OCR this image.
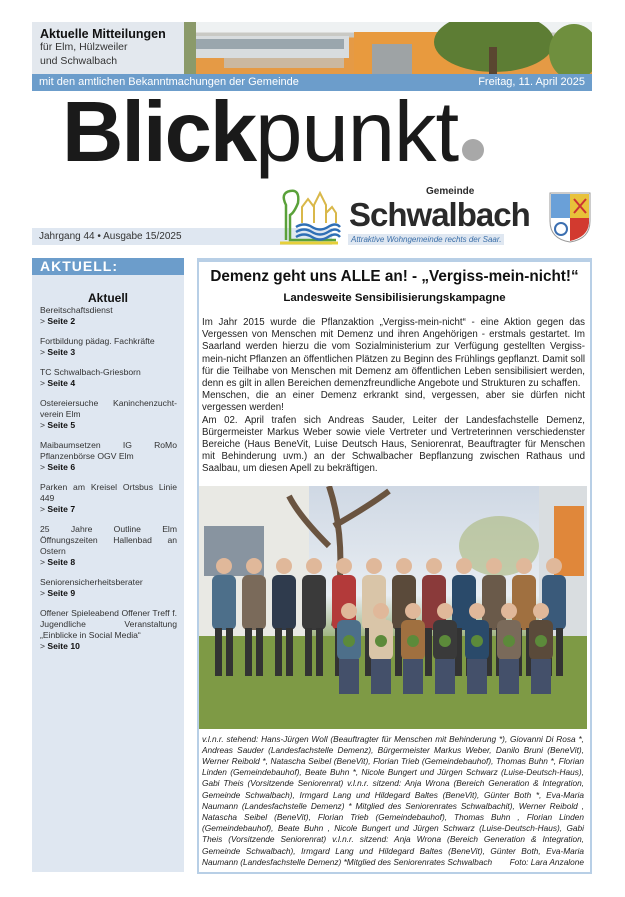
Aktuelle Mitteilungen
für Elm, Hülzweiler
und Schwalbach
mit den amtlichen Bekanntmachungen der Gemeinde	Freitag, 11. April 2025
Blickpunkt
Jahrgang 44 • Ausgabe 15/2025
Gemeinde
Schwalbach
Attraktive Wohngemeinde rechts der Saar.
AKTUELL:
Aktuell
Bereitschaftsdienst
> Seite 2
Fortbildung pädag. Fachkräfte
> Seite 3
TC Schwalbach-Griesborn
> Seite 4
Ostereiersuche Kaninchenzucht-verein Elm
> Seite 5
Maibaumsetzen IG RoMo Pflanzenbörse OGV Elm
> Seite 6
Parken am Kreisel Ortsbus Linie 449
> Seite 7
25 Jahre Outline Elm Öffnungszeiten Hallenbad an Ostern
> Seite 8
Seniorensicherheitsberater
> Seite 9
Offener Spieleabend Offener Treff f. Jugendliche Veranstaltung „Einblicke in Social Media“
> Seite 10
Demenz geht uns ALLE an! - „Vergiss-mein-nicht!“
Landesweite Sensibilisierungskampagne

Im Jahr 2015 wurde die Pflanzaktion „Vergiss-mein-nicht“ - eine Aktion gegen das Vergessen von Menschen mit Demenz und ihren Angehörigen - erstmals gestartet. Im Saarland werden hierzu die vom Sozialministerium zur Verfügung gestellten Vergiss-mein-nicht Pflanzen an öffentlichen Plätzen zu Beginn des Frühlings gepflanzt. Damit soll für die Teilhabe von Menschen mit Demenz am öffentlichen Leben sensibilisiert werden, denn es gilt in allen Bereichen demenzfreundliche Angebote und Strukturen zu schaffen.

Menschen, die an einer Demenz erkrankt sind, vergessen, aber sie dürfen nicht vergessen werden!

Am 02. April trafen sich Andreas Sauder, Leiter der Landesfachstelle Demenz, Bürgermeister Markus Weber sowie viele Vertreter und Vertreterinnen verschiedenster Bereiche (Haus BeneVit, Luise Deutsch Haus, Seniorenrat, Beauftragter für Menschen mit Behinderung uvm.) an der Schwalbacher Bepflanzung zwischen Rathaus und Saalbau, um diesen Apell zu bekräftigen.

v.l.n.r. stehend: Hans-Jürgen Woll (Beauftragter für Menschen mit Behinderung *), Giovanni Di Rosa *, Andreas Sauder (Landesfachstelle Demenz), Bürgermeister Markus Weber, Danilo Bruni (BeneVit), Werner Reibold *, Natascha Seibel (BeneVit), Florian Trieb (Gemeindebauhof), Thomas Buhn *, Florian Linden (Gemeindebauhof), Beate Buhn *, Nicole Bungert und Jürgen Schwarz (Luise-Deutsch-Haus), Gabi Theis (Vorsitzende Seniorenrat) v.l.n.r. sitzend: Anja Wrona (Bereich Generation & Integration, Gemeinde Schwalbach), Irmgard Lang und Hildegard Baltes (BeneVit), Günter Both *, Eva-Maria Naumann (Landesfachstelle Demenz) * Mitglied des Seniorenrates Schwalbachit), Werner Reibold , Natascha Seibel (BeneVit), Florian Trieb (Gemeindebauhof), Thomas Buhn , Florian Linden (Gemeindebauhof), Beate Buhn , Nicole Bungert und Jürgen Schwarz (Luise-Deutsch-Haus), Gabi Theis (Vorsitzende Seniorenrat) v.l.n.r. sitzend: Anja Wrona (Bereich Generation & Integration, Gemeinde Schwalbach), Irmgard Lang und Hildegard Baltes (BeneVit), Günter Both, Eva-Maria Naumann (Landesfachstelle Demenz) *Mitglied des Seniorenrates Schwalbach Foto: Lara Anzalone
